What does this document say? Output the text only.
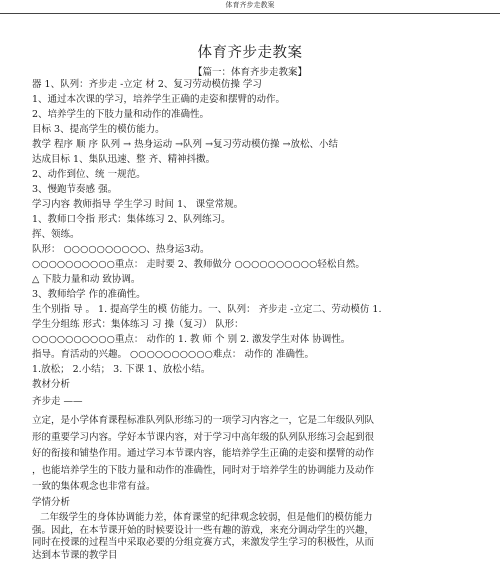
体育齐步走教案
体育齐步走教案
【篇一：体育齐步走教案】
器 1、队列：齐步走 -立定 材 2、复习劳动模仿操 学习
1、通过本次课的学习，培养学生正确的走姿和摆臂的动作。
2、培养学生的下肢力量和动作的准确性。
目标 3、提高学生的模仿能力。
教学 程序 顺 序 队列 → 热身运动 →队列 →复习劳动模仿操 →放松、小结
达成目标 1、集队迅速、整 齐、精神抖擞。
2、动作到位、统 一规范。
3、慢跑节奏感 强。
学习内容 教师指导 学生学习 时间 1、 课堂常规。
1、教师口令指 形式：集体练习 2、队列练习。
挥、领练。
队形： ○○○○○○○○○○、热身运3动。
○○○○○○○○○○重点： 走时要 2、教师做分 ○○○○○○○○○○轻松自然。
△ 下肢力量和动 致协调。
3、教师给学 作的准确性。
生个别指 导 。 1. 提高学生的模 仿能力。一、队列： 齐步走 -立定二、劳动模仿 1.
学生分组练 形式：集体练习 习 操（复习） 队形：
○○○○○○○○○○重点： 动作的 1. 教 师 个 别 2. 激发学生对体 协调性。
指导。育活动的兴趣。 ○○○○○○○○○○难点： 动作的 准确性。
1.放松； 2.小结； 3. 下课 1、放松小结。
教材分析
齐步走 ——
立定，是小学体育课程标准队列队形练习的一项学习内容之一，它是二年级队列队
形的重要学习内容。学好本节课内容，对于学习中高年级的队列队形练习会起到很
好的衔接和铺垫作用。通过学习本节课内容，能培养学生正确的走姿和摆臂的动作
，也能培养学生的下肢力量和动作的准确性，同时对于培养学生的协调能力及动作
一致的集体观念也非常有益。
学情分析
二年级学生的身体协调能力差，体育课堂的纪律观念较弱，但是他们的模仿能力
强。因此，在本节课开始的时候要设计一些有趣的游戏，来充分调动学生的兴趣，
同时在授课的过程当中采取必要的分组竞赛方式，来激发学生学习的积极性，从而
达到本节课的教学目
